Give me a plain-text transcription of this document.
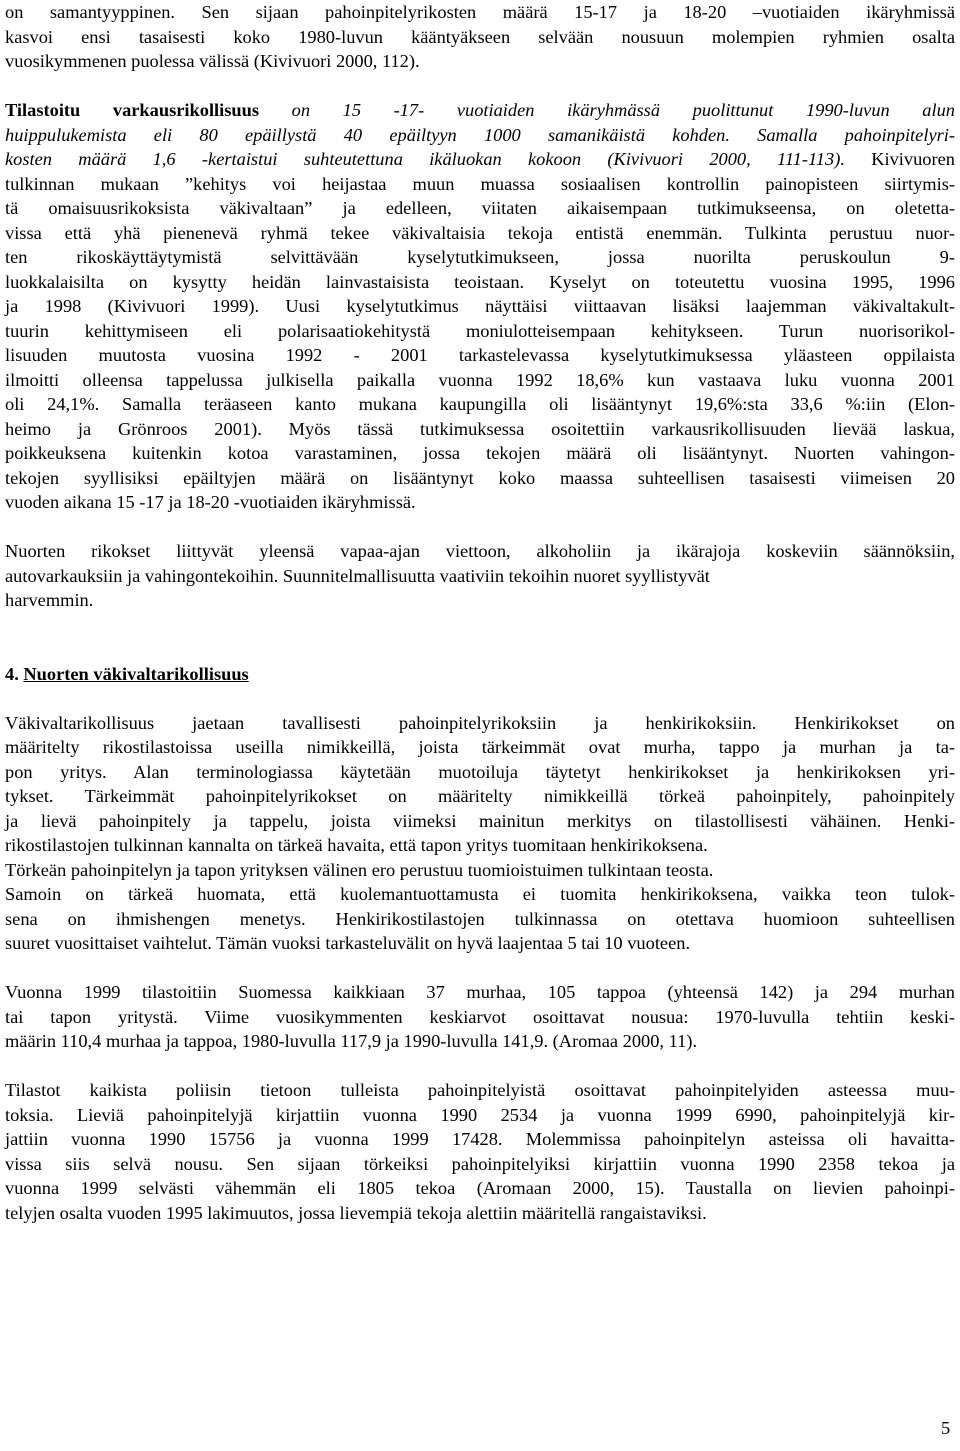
on samantyyppinen. Sen sijaan pahoinpitelyrikosten määrä 15-17 ja 18-20 –vuotiaiden ikäryhmissä
kasvoi ensi tasaisesti koko 1980-luvun kääntyäkseen selvään nousuun molempien ryhmien osalta
vuosikymmenen puolessa välissä (Kivivuori 2000, 112).
Tilastoitu varkausrikollisuus on 15 -17- vuotiaiden ikäryhmässä puolittunut 1990-luvun alun
huippulukemista eli 80 epäillystä 40 epäiltyyn 1000 samanikäistä kohden. Samalla pahoinpitelyri-
kosten määrä 1,6 -kertaistui suhteutettuna ikäluokan kokoon (Kivivuori 2000, 111-113). Kivivuoren
tulkinnan mukaan ”kehitys voi heijastaa muun muassa sosiaalisen kontrollin painopisteen siirtymis-
tä omaisuusrikoksista väkivaltaan” ja edelleen, viitaten aikaisempaan tutkimukseensa, on oletetta-
vissa että yhä pienenevä ryhmä tekee väkivaltaisia tekoja entistä enemmän. Tulkinta perustuu nuor-
ten rikoskäyttäytymistä selvittävään kyselytutkimukseen, jossa nuorilta peruskoulun 9-
luokkalaisilta on kysytty heidän lainvastaisista teoistaan. Kyselyt on toteutettu vuosina 1995, 1996
ja 1998 (Kivivuori 1999). Uusi kyselytutkimus näyttäisi viittaavan lisäksi laajemman väkivaltakult-
tuurin kehittymiseen eli polarisaatiokehitystä moniulotteisempaan kehitykseen. Turun nuorisorikol-
lisuuden muutosta vuosina 1992 - 2001 tarkastelevassa kyselytutkimuksessa yläasteen oppilaista
ilmoitti olleensa tappelussa julkisella paikalla vuonna 1992 18,6% kun vastaava luku vuonna 2001
oli 24,1%. Samalla teräaseen kanto mukana kaupungilla oli lisääntynyt 19,6%:sta 33,6 %:iin (Elon-
heimo ja Grönroos 2001). Myös tässä tutkimuksessa osoitettiin varkausrikollisuuden lievää laskua,
poikkeuksena kuitenkin kotoa varastaminen, jossa tekojen määrä oli lisääntynyt. Nuorten vahingon-
tekojen syyllisiksi epäiltyjen määrä on lisääntynyt koko maassa suhteellisen tasaisesti viimeisen 20
vuoden aikana 15 -17 ja 18-20 -vuotiaiden ikäryhmissä.
Nuorten rikokset liittyvät yleensä vapaa-ajan viettoon, alkoholiin ja ikärajoja koskeviin säännöksiin,
autovarkauksiin ja vahingontekoihin. Suunnitelmallisuutta vaativiin tekoihin nuoret syyllistyvät
harvemmin.
4. Nuorten väkivaltarikollisuus
Väkivaltarikollisuus jaetaan tavallisesti pahoinpitelyrikoksiin ja henkirikoksiin. Henkirikokset on
määritelty rikostilastoissa useilla nimikkeillä, joista tärkeimmät ovat murha, tappo ja murhan ja ta-
pon yritys. Alan terminologiassa käytetään muotoiluja täytetyt henkirikokset ja henkirikoksen yri-
tykset. Tärkeimmät pahoinpitelyrikokset on määritelty nimikkeillä törkeä pahoinpitely, pahoinpitely
ja lievä pahoinpitely ja tappelu, joista viimeksi mainitun merkitys on tilastollisesti vähäinen. Henki-
rikostilastojen tulkinnan kannalta on tärkeä havaita, että tapon yritys tuomitaan henkirikoksena.
Törkeän pahoinpitelyn ja tapon yrityksen välinen ero perustuu tuomioistuimen tulkintaan teosta.
Samoin on tärkeä huomata, että kuolemantuottamusta ei tuomita henkirikoksena, vaikka teon tulok-
sena on ihmishengen menetys. Henkirikostilastojen tulkinnassa on otettava huomioon suhteellisen
suuret vuosittaiset vaihtelut. Tämän vuoksi tarkasteluvälit on hyvä laajentaa 5 tai 10 vuoteen.
Vuonna 1999 tilastoitiin Suomessa kaikkiaan 37 murhaa, 105 tappoa (yhteensä 142) ja 294 murhan
tai tapon yritystä. Viime vuosikymmenten keskiarvot osoittavat nousua: 1970-luvulla tehtiin keski-
määrin 110,4 murhaa ja tappoa, 1980-luvulla 117,9 ja 1990-luvulla 141,9. (Aromaa 2000, 11).
Tilastot kaikista poliisin tietoon tulleista pahoinpitelyistä osoittavat pahoinpitelyiden asteessa muu-
toksia. Lieviä pahoinpitelyjä kirjattiin vuonna 1990 2534 ja vuonna 1999 6990, pahoinpitelyjä kir-
jattiin vuonna 1990 15756 ja vuonna 1999 17428. Molemmissa pahoinpitelyn asteissa oli havaitta-
vissa siis selvä nousu. Sen sijaan törkeiksi pahoinpitelyiksi kirjattiin vuonna 1990 2358 tekoa ja
vuonna 1999 selvästi vähemmän eli 1805 tekoa (Aromaan 2000, 15). Taustalla on lievien pahoinpi-
telyjen osalta vuoden 1995 lakimuutos, jossa lievempiä tekoja alettiin määritellä rangaistaviksi.
5
